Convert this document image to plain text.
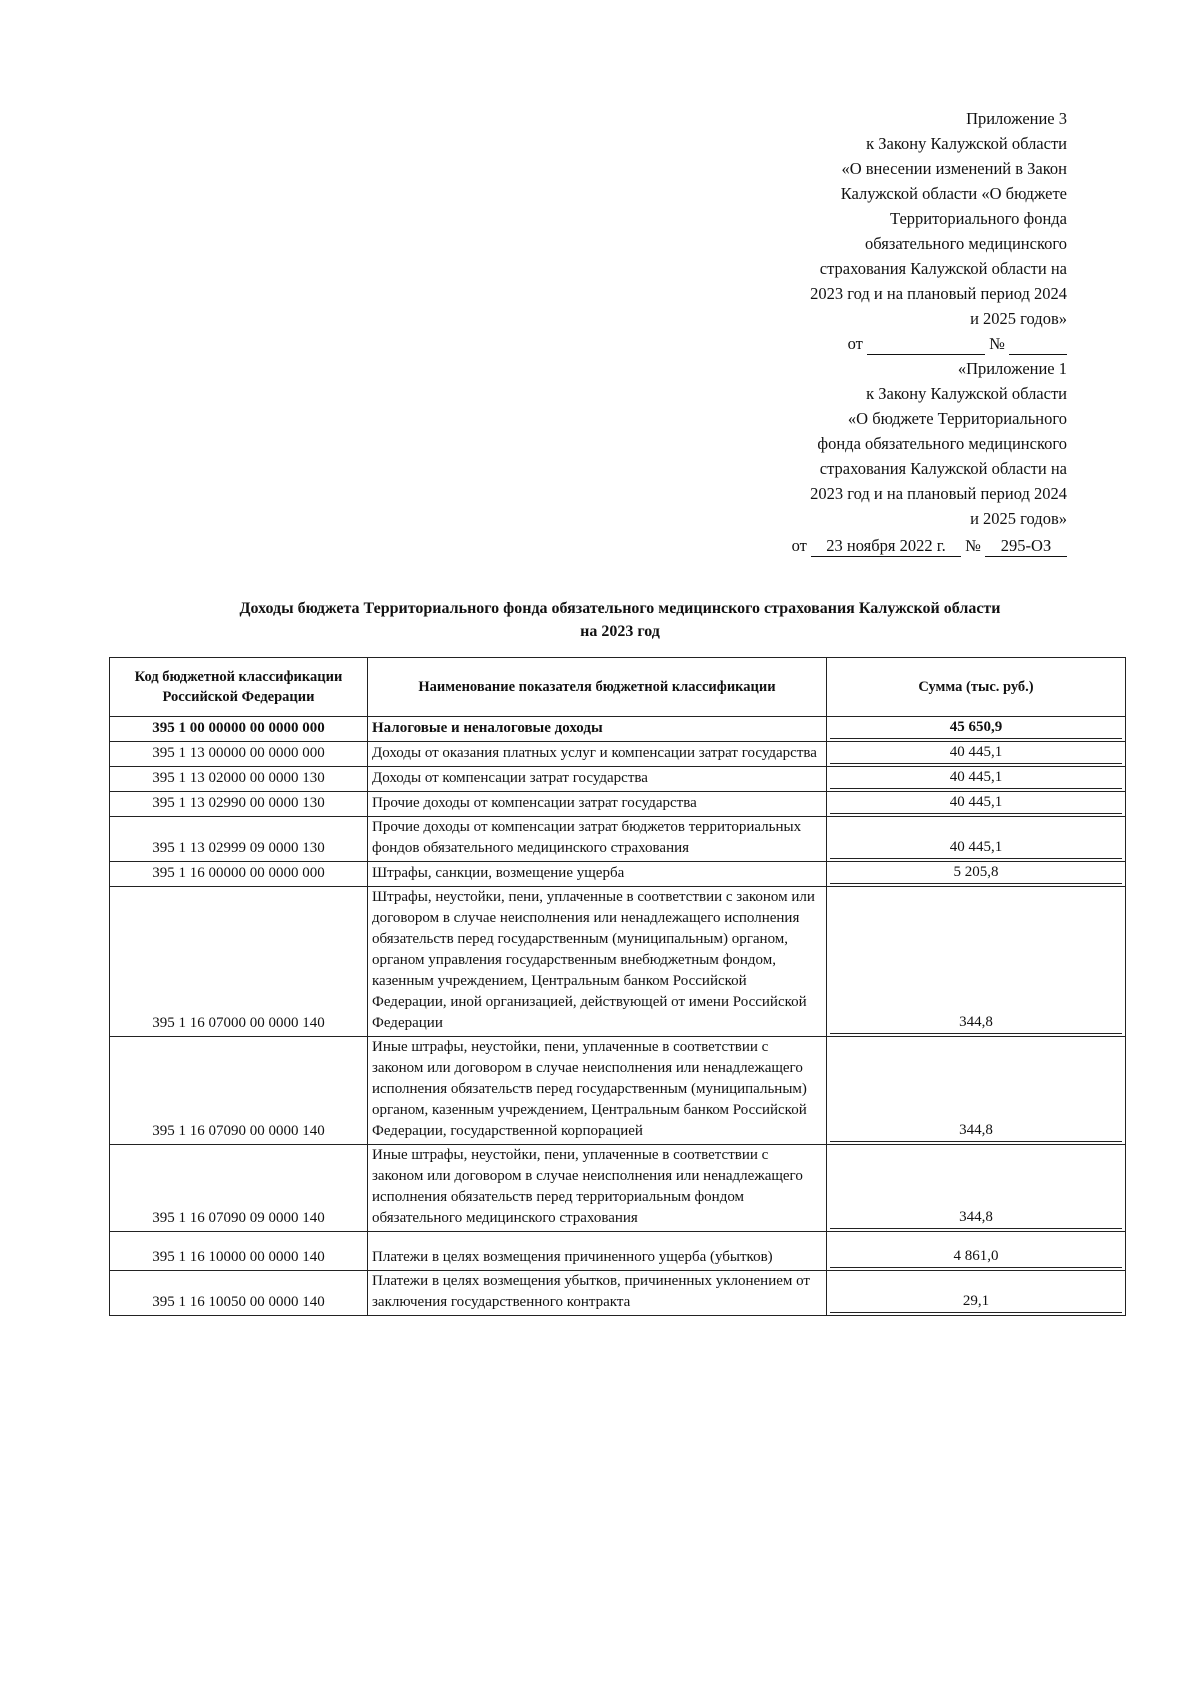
Приложение 3
к Закону Калужской области
«О внесении изменений в Закон
Калужской области «О бюджете
Территориального фонда
обязательного медицинского
страхования Калужской области на
2023 год и на плановый период 2024
и 2025 годов»
от	№
«Приложение 1
к Закону Калужской области
«О бюджете Территориального
фонда обязательного медицинского
страхования Калужской области на
2023 год и на плановый период 2024
и 2025 годов»
от 23 ноября 2022 г. № 295-ОЗ
Доходы бюджета Территориального фонда обязательного медицинского страхования Калужской области
на 2023 год
Код бюджетной классификации Российской Федерации	Наименование показателя бюджетной классификации	Сумма (тыс. руб.)
395 1 00 00000 00 0000 000	Налоговые и неналоговые доходы	45 650,9

395 1 13 00000 00 0000 000	Доходы от оказания платных услуг и компенсации затрат государства	40 445,1

395 1 13 02000 00 0000 130	Доходы от компенсации затрат государства	40 445,1

395 1 13 02990 00 0000 130	Прочие доходы от компенсации затрат государства	40 445,1

395 1 13 02999 09 0000 130	Прочие доходы от компенсации затрат бюджетов территориальных фондов обязательного медицинского страхования	40 445,1

395 1 16 00000 00 0000 000	Штрафы, санкции, возмещение ущерба	5 205,8

395 1 16 07000 00 0000 140	Штрафы, неустойки, пени, уплаченные в соответствии с законом или договором в случае неисполнения или ненадлежащего исполнения обязательств перед государственным (муниципальным) органом, органом управления государственным внебюджетным фондом, казенным учреждением, Центральным банком Российской Федерации, иной организацией, действующей от имени Российской Федерации	344,8

395 1 16 07090 00 0000 140	Иные штрафы, неустойки, пени, уплаченные в соответствии с законом или договором в случае неисполнения или ненадлежащего исполнения обязательств перед государственным (муниципальным) органом, казенным учреждением, Центральным банком Российской Федерации, государственной корпорацией	344,8

395 1 16 07090 09 0000 140	Иные штрафы, неустойки, пени, уплаченные в соответствии с законом или договором в случае неисполнения или ненадлежащего исполнения обязательств перед территориальным фондом обязательного медицинского страхования	344,8

395 1 16 10000 00 0000 140	Платежи в целях возмещения причиненного ущерба (убытков)	4 861,0

395 1 16 10050 00 0000 140	Платежи в целях возмещения убытков, причиненных уклонением от заключения государственного контракта	29,1
